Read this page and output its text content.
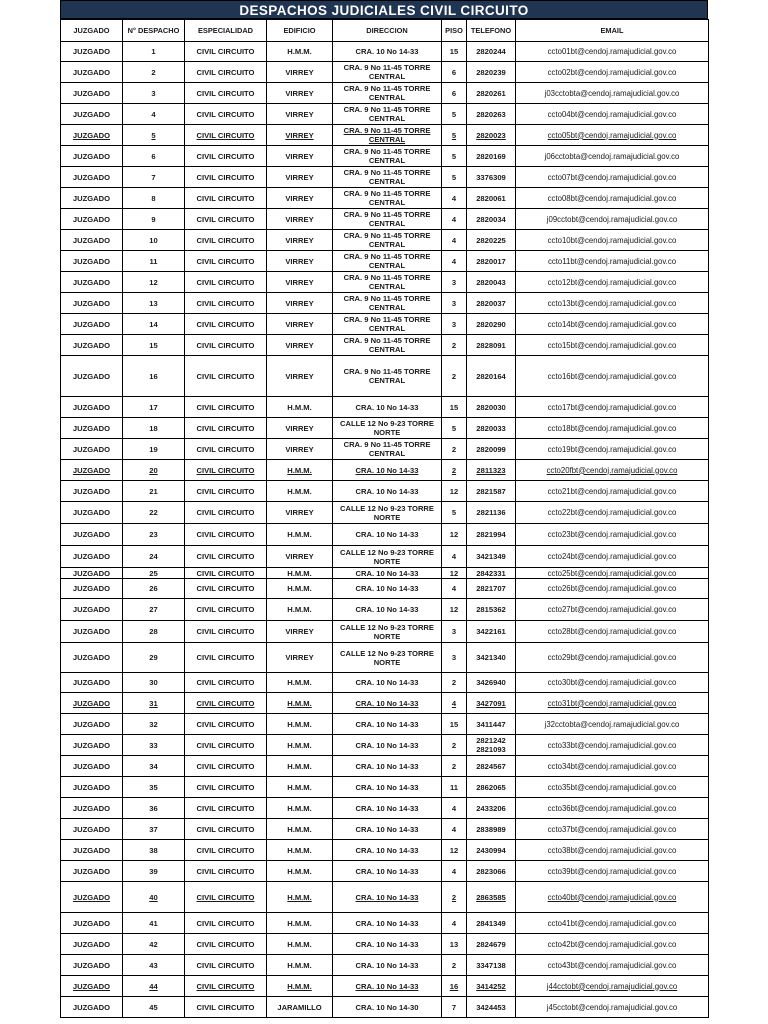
DESPACHOS JUDICIALES CIVIL CIRCUITO
JUZGADO	N° DESPACHO	ESPECIALIDAD	EDIFICIO	DIRECCION	PISO	TELEFONO	EMAIL
JUZGADO	1	CIVIL CIRCUITO	H.M.M.	CRA. 10 No 14-33	15	2820244	ccto01bt@cendoj.ramajudicial.gov.co
JUZGADO	2	CIVIL CIRCUITO	VIRREY	CRA. 9 No 11-45 TORRE CENTRAL	6	2820239	ccto02bt@cendoj.ramajudicial.gov.co
JUZGADO	3	CIVIL CIRCUITO	VIRREY	CRA. 9 No 11-45 TORRE CENTRAL	6	2820261	j03cctobta@cendoj.ramajudicial.gov.co
JUZGADO	4	CIVIL CIRCUITO	VIRREY	CRA. 9 No 11-45 TORRE CENTRAL	5	2820263	ccto04bt@cendoj.ramajudicial.gov.co
JUZGADO	5	CIVIL CIRCUITO	VIRREY	CRA. 9 No 11-45 TORRE CENTRAL	5	2820023	ccto05bt@cendoj.ramajudicial.gov.co
JUZGADO	6	CIVIL CIRCUITO	VIRREY	CRA. 9 No 11-45 TORRE CENTRAL	5	2820169	j06cctobta@cendoj.ramajudicial.gov.co
JUZGADO	7	CIVIL CIRCUITO	VIRREY	CRA. 9 No 11-45 TORRE CENTRAL	5	3376309	ccto07bt@cendoj.ramajudicial.gov.co
JUZGADO	8	CIVIL CIRCUITO	VIRREY	CRA. 9 No 11-45 TORRE CENTRAL	4	2820061	ccto08bt@cendoj.ramajudicial.gov.co
JUZGADO	9	CIVIL CIRCUITO	VIRREY	CRA. 9 No 11-45 TORRE CENTRAL	4	2820034	j09cctobt@cendoj.ramajudicial.gov.co
JUZGADO	10	CIVIL CIRCUITO	VIRREY	CRA. 9 No 11-45 TORRE CENTRAL	4	2820225	ccto10bt@cendoj.ramajudicial.gov.co
JUZGADO	11	CIVIL CIRCUITO	VIRREY	CRA. 9 No 11-45 TORRE CENTRAL	4	2820017	ccto11bt@cendoj.ramajudicial.gov.co
JUZGADO	12	CIVIL CIRCUITO	VIRREY	CRA. 9 No 11-45 TORRE CENTRAL	3	2820043	ccto12bt@cendoj.ramajudicial.gov.co
JUZGADO	13	CIVIL CIRCUITO	VIRREY	CRA. 9 No 11-45 TORRE CENTRAL	3	2820037	ccto13bt@cendoj.ramajudicial.gov.co
JUZGADO	14	CIVIL CIRCUITO	VIRREY	CRA. 9 No 11-45 TORRE CENTRAL	3	2820290	ccto14bt@cendoj.ramajudicial.gov.co
JUZGADO	15	CIVIL CIRCUITO	VIRREY	CRA. 9 No 11-45 TORRE CENTRAL	2	2828091	ccto15bt@cendoj.ramajudicial.gov.co
JUZGADO	16	CIVIL CIRCUITO	VIRREY	CRA. 9 No 11-45 TORRE CENTRAL	2	2820164	ccto16bt@cendoj.ramajudicial.gov.co
JUZGADO	17	CIVIL CIRCUITO	H.M.M.	CRA. 10 No 14-33	15	2820030	ccto17bt@cendoj.ramajudicial.gov.co
JUZGADO	18	CIVIL CIRCUITO	VIRREY	CALLE 12 No 9-23 TORRE NORTE	5	2820033	ccto18bt@cendoj.ramajudicial.gov.co
JUZGADO	19	CIVIL CIRCUITO	VIRREY	CRA. 9 No 11-45 TORRE CENTRAL	2	2820099	ccto19bt@cendoj.ramajudicial.gov.co
JUZGADO	20	CIVIL CIRCUITO	H.M.M.	CRA. 10 No 14-33	2	2811323	ccto20fbt@cendoj.ramajudicial.gov.co
JUZGADO	21	CIVIL CIRCUITO	H.M.M.	CRA. 10 No 14-33	12	2821587	ccto21bt@cendoj.ramajudicial.gov.co
JUZGADO	22	CIVIL CIRCUITO	VIRREY	CALLE 12 No 9-23 TORRE NORTE	5	2821136	ccto22bt@cendoj.ramajudicial.gov.co
JUZGADO	23	CIVIL CIRCUITO	H.M.M.	CRA. 10 No 14-33	12	2821994	ccto23bt@cendoj.ramajudicial.gov.co
JUZGADO	24	CIVIL CIRCUITO	VIRREY	CALLE 12 No 9-23 TORRE NORTE	4	3421349	ccto24bt@cendoj.ramajudicial.gov.co
JUZGADO	25	CIVIL CIRCUITO	H.M.M.	CRA. 10 No 14-33	12	2842331	ccto25bt@cendoj.ramajudicial.gov.co
JUZGADO	26	CIVIL CIRCUITO	H.M.M.	CRA. 10 No 14-33	4	2821707	ccto26bt@cendoj.ramajudicial.gov.co
JUZGADO	27	CIVIL CIRCUITO	H.M.M.	CRA. 10 No 14-33	12	2815362	ccto27bt@cendoj.ramajudicial.gov.co
JUZGADO	28	CIVIL CIRCUITO	VIRREY	CALLE 12 No 9-23 TORRE NORTE	3	3422161	ccto28bt@cendoj.ramajudicial.gov.co
JUZGADO	29	CIVIL CIRCUITO	VIRREY	CALLE 12 No 9-23 TORRE NORTE	3	3421340	ccto29bt@cendoj.ramajudicial.gov.co
JUZGADO	30	CIVIL CIRCUITO	H.M.M.	CRA. 10 No 14-33	2	3426940	ccto30bt@cendoj.ramajudicial.gov.co
JUZGADO	31	CIVIL CIRCUITO	H.M.M.	CRA. 10 No 14-33	4	3427091	ccto31bt@cendoj.ramajudicial.gov.co
JUZGADO	32	CIVIL CIRCUITO	H.M.M.	CRA. 10 No 14-33	15	3411447	j32cctobta@cendoj.ramajudicial.gov.co
JUZGADO	33	CIVIL CIRCUITO	H.M.M.	CRA. 10 No 14-33	2	2821242 2821093	ccto33bt@cendoj.ramajudicial.gov.co
JUZGADO	34	CIVIL CIRCUITO	H.M.M.	CRA. 10 No 14-33	2	2824567	ccto34bt@cendoj.ramajudicial.gov.co
JUZGADO	35	CIVIL CIRCUITO	H.M.M.	CRA. 10 No 14-33	11	2862065	ccto35bt@cendoj.ramajudicial.gov.co
JUZGADO	36	CIVIL CIRCUITO	H.M.M.	CRA. 10 No 14-33	4	2433206	ccto36bt@cendoj.ramajudicial.gov.co
JUZGADO	37	CIVIL CIRCUITO	H.M.M.	CRA. 10 No 14-33	4	2838989	ccto37bt@cendoj.ramajudicial.gov.co
JUZGADO	38	CIVIL CIRCUITO	H.M.M.	CRA. 10 No 14-33	12	2430994	ccto38bt@cendoj.ramajudicial.gov.co
JUZGADO	39	CIVIL CIRCUITO	H.M.M.	CRA. 10 No 14-33	4	2823066	ccto39bt@cendoj.ramajudicial.gov.co
JUZGADO	40	CIVIL CIRCUITO	H.M.M.	CRA. 10 No 14-33	2	2863585	ccto40bt@cendoj.ramajudicial.gov.co
JUZGADO	41	CIVIL CIRCUITO	H.M.M.	CRA. 10 No 14-33	4	2841349	ccto41bt@cendoj.ramajudicial.gov.co
JUZGADO	42	CIVIL CIRCUITO	H.M.M.	CRA. 10 No 14-33	13	2824679	ccto42bt@cendoj.ramajudicial.gov.co
JUZGADO	43	CIVIL CIRCUITO	H.M.M.	CRA. 10 No 14-33	2	3347138	ccto43bt@cendoj.ramajudicial.gov.co
JUZGADO	44	CIVIL CIRCUITO	H.M.M.	CRA. 10 No 14-33	16	3414252	j44cctobt@cendoj.ramajudicial.gov.co
JUZGADO	45	CIVIL CIRCUITO	JARAMILLO	CRA. 10 No 14-30	7	3424453	j45cctobt@cendoj.ramajudicial.gov.co
